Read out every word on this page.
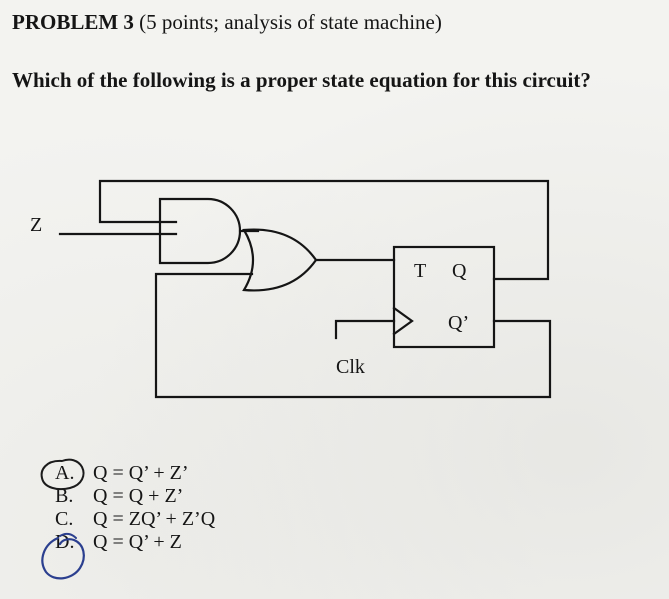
PROBLEM 3 (5 points; analysis of state machine)
Which of the following is a proper state equation for this circuit?
Z
T Q
Q’
Clk
A. Q = Q’ + Z’
B. Q = Q + Z’
C. Q = ZQ’ + Z’Q
D. Q = Q’ + Z
